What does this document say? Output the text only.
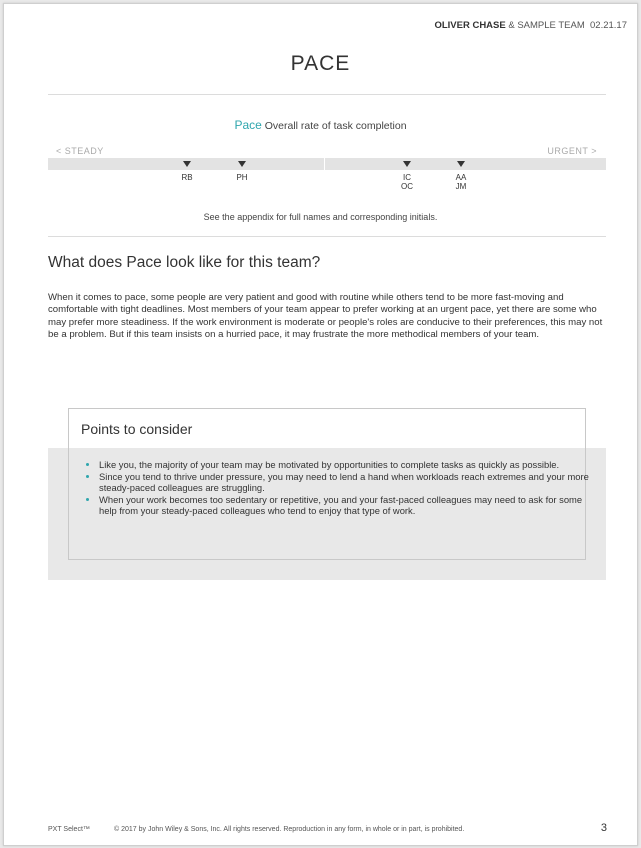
OLIVER CHASE & SAMPLE TEAM 02.21.17
PACE
Pace Overall rate of task completion
< STEADY	URGENT >
RB	PH	IC
OC
AA
JM
See the appendix for full names and corresponding initials.
What does Pace look like for this team?
When it comes to pace, some people are very patient and good with routine while others tend to be more fast-moving and comfortable with tight deadlines. Most members of your team appear to prefer working at an urgent pace, yet there are some who may prefer more steadiness. If the work environment is moderate or people's roles are conducive to their preferences, this may not be a problem. But if this team insists on a hurried pace, it may frustrate the more methodical members of your team.
Points to consider
• Like you, the majority of your team may be motivated by opportunities to complete tasks as quickly as possible.
• Since you tend to thrive under pressure, you may need to lend a hand when workloads reach extremes and your more steady-paced colleagues are struggling.
• When your work becomes too sedentary or repetitive, you and your fast-paced colleagues may need to ask for some help from your steady-paced colleagues who tend to enjoy that type of work.
PXT Select™	© 2017 by John Wiley & Sons, Inc. All rights reserved. Reproduction in any form, in whole or in part, is prohibited.	3
